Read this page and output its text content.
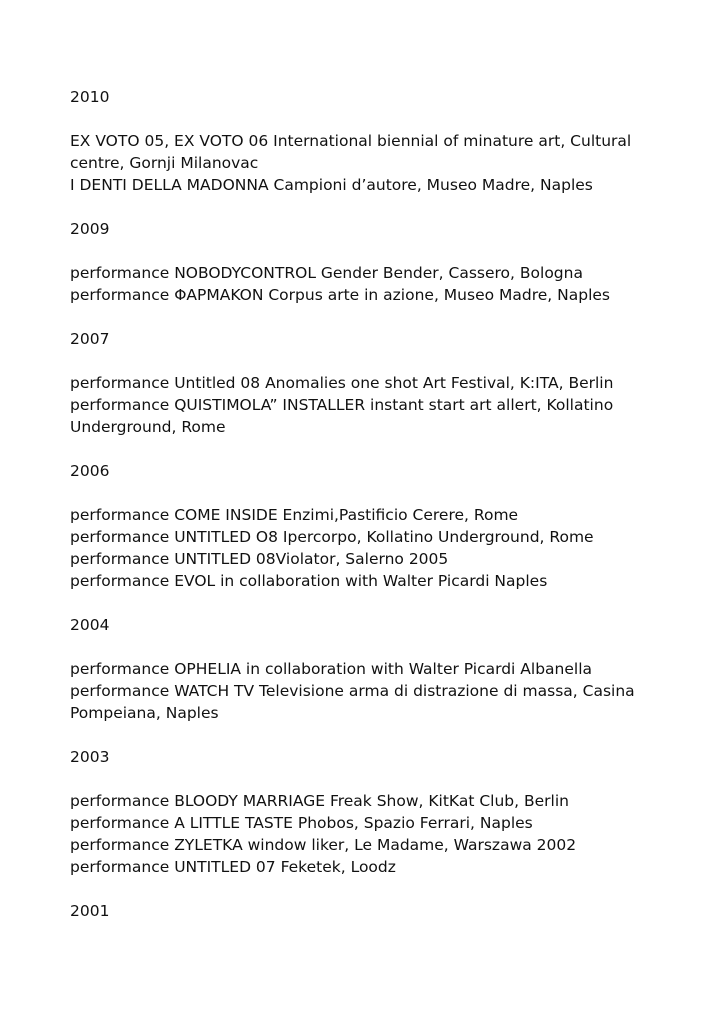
2010
EX VOTO 05, EX VOTO 06 International biennial of minature art, Cultural centre, Gornji Milanovac
I DENTI DELLA MADONNA Campioni d’autore, Museo Madre, Naples
2009
performance NOBODYCONTROL Gender Bender, Cassero, Bologna
performance ΦAPMAKON Corpus arte in azione, Museo Madre, Naples
2007
performance Untitled 08 Anomalies one shot Art Festival, K:ITA, Berlin
performance QUISTIMOLA” INSTALLER instant start art allert, Kollatino Underground, Rome
2006
performance COME INSIDE Enzimi,Pastificio Cerere, Rome
performance UNTITLED O8 Ipercorpo, Kollatino Underground, Rome
performance UNTITLED 08Violator, Salerno 2005
performance EVOL in collaboration with Walter Picardi Naples
2004
performance OPHELIA in collaboration with Walter Picardi Albanella
performance WATCH TV Televisione arma di distrazione di massa, Casina Pompeiana, Naples
2003
performance BLOODY MARRIAGE Freak Show, KitKat Club, Berlin
performance A LITTLE TASTE Phobos, Spazio Ferrari, Naples
performance ZYLETKA window liker, Le Madame, Warszawa 2002
performance UNTITLED 07 Feketek, Loodz
2001
